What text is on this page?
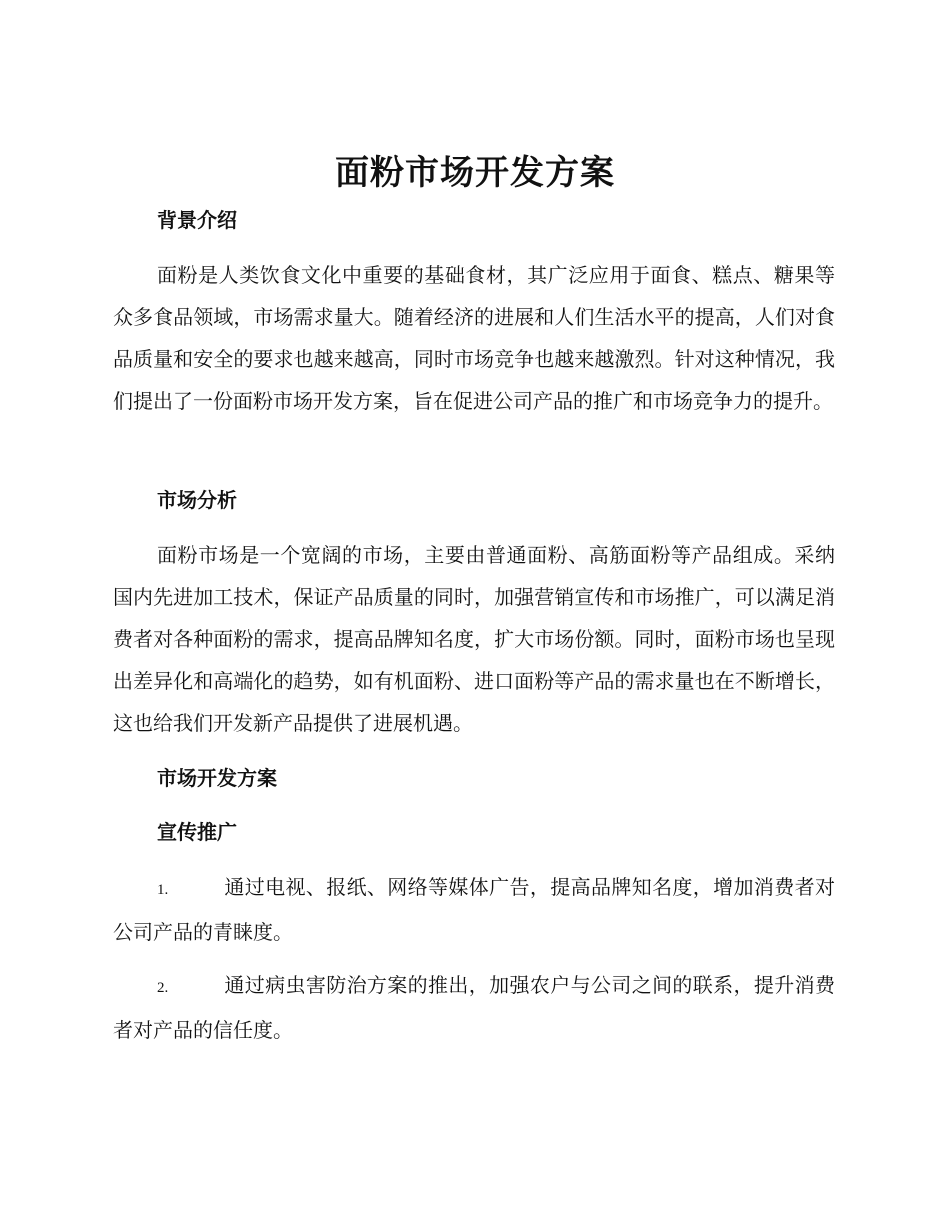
面粉市场开发方案
背景介绍

面粉是人类饮食文化中重要的基础食材，其广泛应用于面食、糕点、糖果等众多食品领域，市场需求量大。随着经济的进展和人们生活水平的提高，人们对食品质量和安全的要求也越来越高，同时市场竞争也越来越激烈。针对这种情况，我们提出了一份面粉市场开发方案，旨在促进公司产品的推广和市场竞争力的提升。

市场分析

面粉市场是一个宽阔的市场，主要由普通面粉、高筋面粉等产品组成。采纳国内先进加工技术，保证产品质量的同时，加强营销宣传和市场推广，可以满足消费者对各种面粉的需求，提高品牌知名度，扩大市场份额。同时，面粉市场也呈现出差异化和高端化的趋势，如有机面粉、进口面粉等产品的需求量也在不断增长，这也给我们开发新产品提供了进展机遇。

市场开发方案
宣传推广

1.	通过电视、报纸、网络等媒体广告，提高品牌知名度，增加消费者对公司产品的青睐度。

2.	通过病虫害防治方案的推出，加强农户与公司之间的联系，提升消费者对产品的信任度。
